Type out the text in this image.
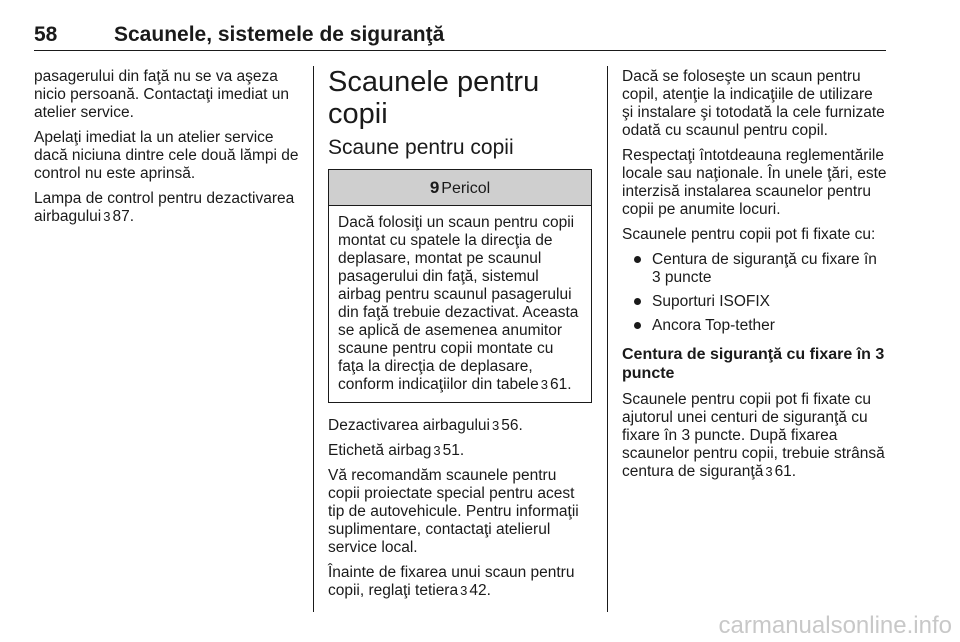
58	Scaunele, sistemele de siguranţă

pasagerului din faţă nu se va aşeza nicio persoană. Contactaţi imediat un atelier service.

Apelaţi imediat la un atelier service dacă niciuna dintre cele două lămpi de control nu este aprinsă.

Lampa de control pentru dezactivarea airbagului 3 87.

Scaunele pentru copii
Scaune pentru copii
9 Pericol

Dacă folosiţi un scaun pentru copii montat cu spatele la direcţia de deplasare, montat pe scaunul pasagerului din faţă, sistemul airbag pentru scaunul pasagerului din faţă trebuie dezactivat. Aceasta se aplică de asemenea anumitor scaune pentru copii montate cu faţa la direcţia de deplasare, conform indicaţiilor din tabele 3 61.

Dezactivarea airbagului 3 56.

Etichetă airbag 3 51.

Vă recomandăm scaunele pentru copii proiectate special pentru acest tip de autovehicule. Pentru informaţii suplimentare, contactaţi atelierul service local.

Înainte de fixarea unui scaun pentru copii, reglaţi tetiera 3 42.

Dacă se foloseşte un scaun pentru copil, atenţie la indicaţiile de utilizare şi instalare şi totodată la cele furnizate odată cu scaunul pentru copil.

Respectaţi întotdeauna reglementările locale sau naţionale. În unele ţări, este interzisă instalarea scaunelor pentru copii pe anumite locuri.

Scaunele pentru copii pot fi fixate cu:

Centura de siguranţă cu fixare în 3 puncte
Suporturi ISOFIX
Ancora Top-tether
Centura de siguranţă cu fixare în 3 puncte

Scaunele pentru copii pot fi fixate cu ajutorul unei centuri de siguranţă cu fixare în 3 puncte. După fixarea scaunelor pentru copii, trebuie strânsă centura de siguranţă 3 61.

carmanualsonline.info
